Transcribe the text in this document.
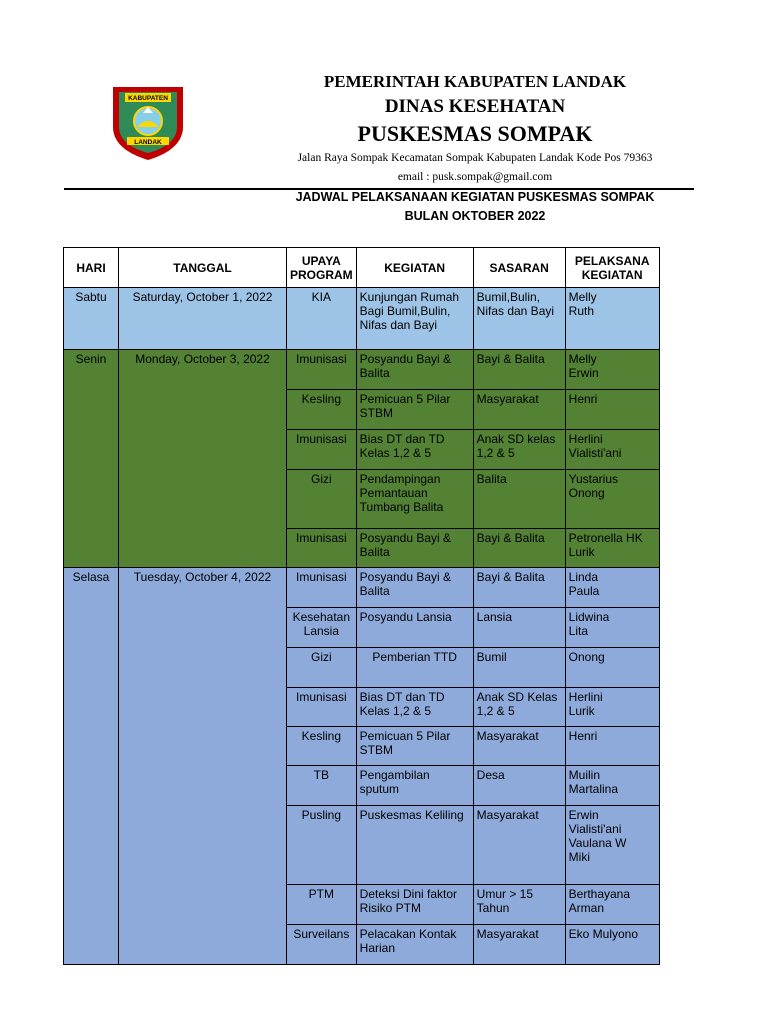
KABUPATEN
LANDAK
PEMERINTAH KABUPATEN LANDAK
DINAS KESEHATAN
PUSKESMAS SOMPAK
Jalan Raya Sompak Kecamatan Sompak Kabupaten Landak Kode Pos 79363
email : pusk.sompak@gmail.com
JADWAL PELAKSANAAN KEGIATAN PUSKESMAS SOMPAK
BULAN OKTOBER 2022
HARI	TANGGAL	UPAYA PROGRAM	KEGIATAN	SASARAN	PELAKSANA KEGIATAN
Sabtu	Saturday, October 1, 2022	KIA	Kunjungan Rumah Bagi Bumil,Bulin, Nifas dan Bayi	Bumil,Bulin, Nifas dan Bayi	Melly
Ruth

Senin	Monday, October 3, 2022	Imunisasi	Posyandu Bayi & Balita	Bayi & Balita	Melly
Erwin

		Kesling	Pemicuan 5 Pilar STBM	Masyarakat	Henri

		Imunisasi	Bias DT dan TD Kelas 1,2 & 5	Anak SD kelas 1,2 & 5	Herlini
Vialisti'ani

		Gizi	Pendampingan Pemantauan Tumbang Balita	Balita	Yustarius
Onong

		Imunisasi	Posyandu Bayi & Balita	Bayi & Balita	Petronella HK
Lurik

Selasa	Tuesday, October 4, 2022	Imunisasi	Posyandu Bayi & Balita	Bayi & Balita	Linda
Paula

		Kesehatan Lansia	Posyandu Lansia	Lansia	Lidwina
Lita

		Gizi	Pemberian TTD	Bumil	Onong

		Imunisasi	Bias DT dan TD Kelas 1,2 & 5	Anak SD Kelas 1,2 & 5	Herlini
Lurik

		Kesling	Pemicuan 5 Pilar STBM	Masyarakat	Henri

		TB	Pengambilan sputum	Desa	Muilin
Martalina

		Pusling	Puskesmas Keliling	Masyarakat	Erwin
Vialisti'ani
Vaulana W
Miki

		PTM	Deteksi Dini faktor Risiko PTM	Umur > 15 Tahun	Berthayana
Arman

		Surveilans	Pelacakan Kontak Harian	Masyarakat	Eko Mulyono
